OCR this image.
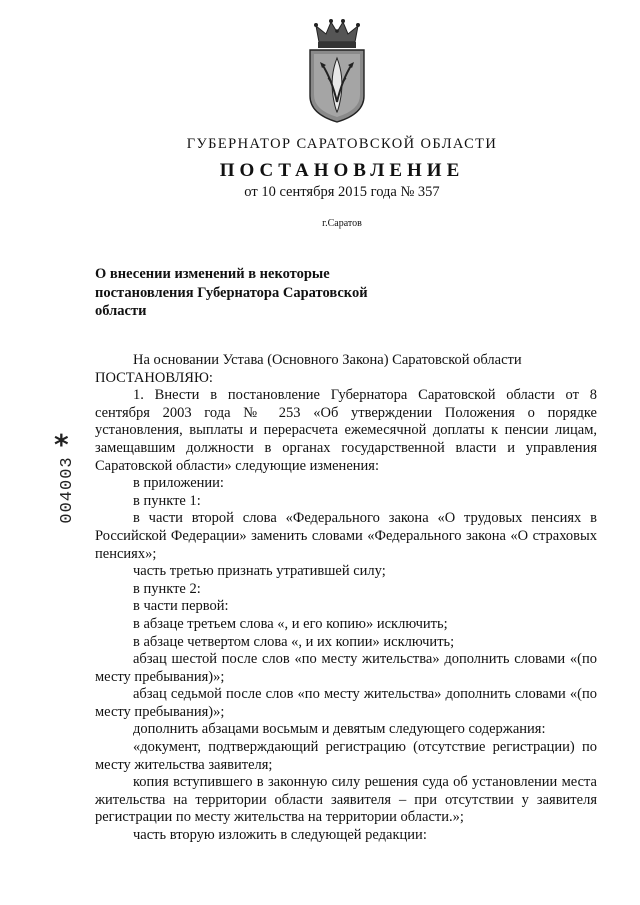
ГУБЕРНАТОР САРАТОВСКОЙ ОБЛАСТИ
ПОСТАНОВЛЕНИЕ
от 10 сентября 2015 года № 357
г.Саратов
О внесении изменений в некоторые
постановления Губернатора Саратовской
области
*
004003

На основании Устава (Основного Закона) Саратовской области

ПОСТАНОВЛЯЮ:

1. Внести в постановление Губернатора Саратовской области от 8 сентября 2003 года № 253 «Об утверждении Положения о порядке установления, выплаты и перерасчета ежемесячной доплаты к пенсии лицам, замещавшим должности в органах государственной власти и управления Саратовской области» следующие изменения:

в приложении:

в пункте 1:

в части второй слова «Федерального закона «О трудовых пенсиях в Российской Федерации» заменить словами «Федерального закона «О страховых пенсиях»;

часть третью признать утратившей силу;

в пункте 2:

в части первой:

в абзаце третьем слова «, и его копию» исключить;

в абзаце четвертом слова «, и их копии» исключить;

абзац шестой после слов «по месту жительства» дополнить словами «(по месту пребывания)»;

абзац седьмой после слов «по месту жительства» дополнить словами «(по месту пребывания)»;

дополнить абзацами восьмым и девятым следующего содержания:

«документ, подтверждающий регистрацию (отсутствие регистрации) по месту жительства заявителя;

копия вступившего в законную силу решения суда об установлении места жительства на территории области заявителя – при отсутствии у заявителя регистрации по месту жительства на территории области.»;

часть вторую изложить в следующей редакции:
